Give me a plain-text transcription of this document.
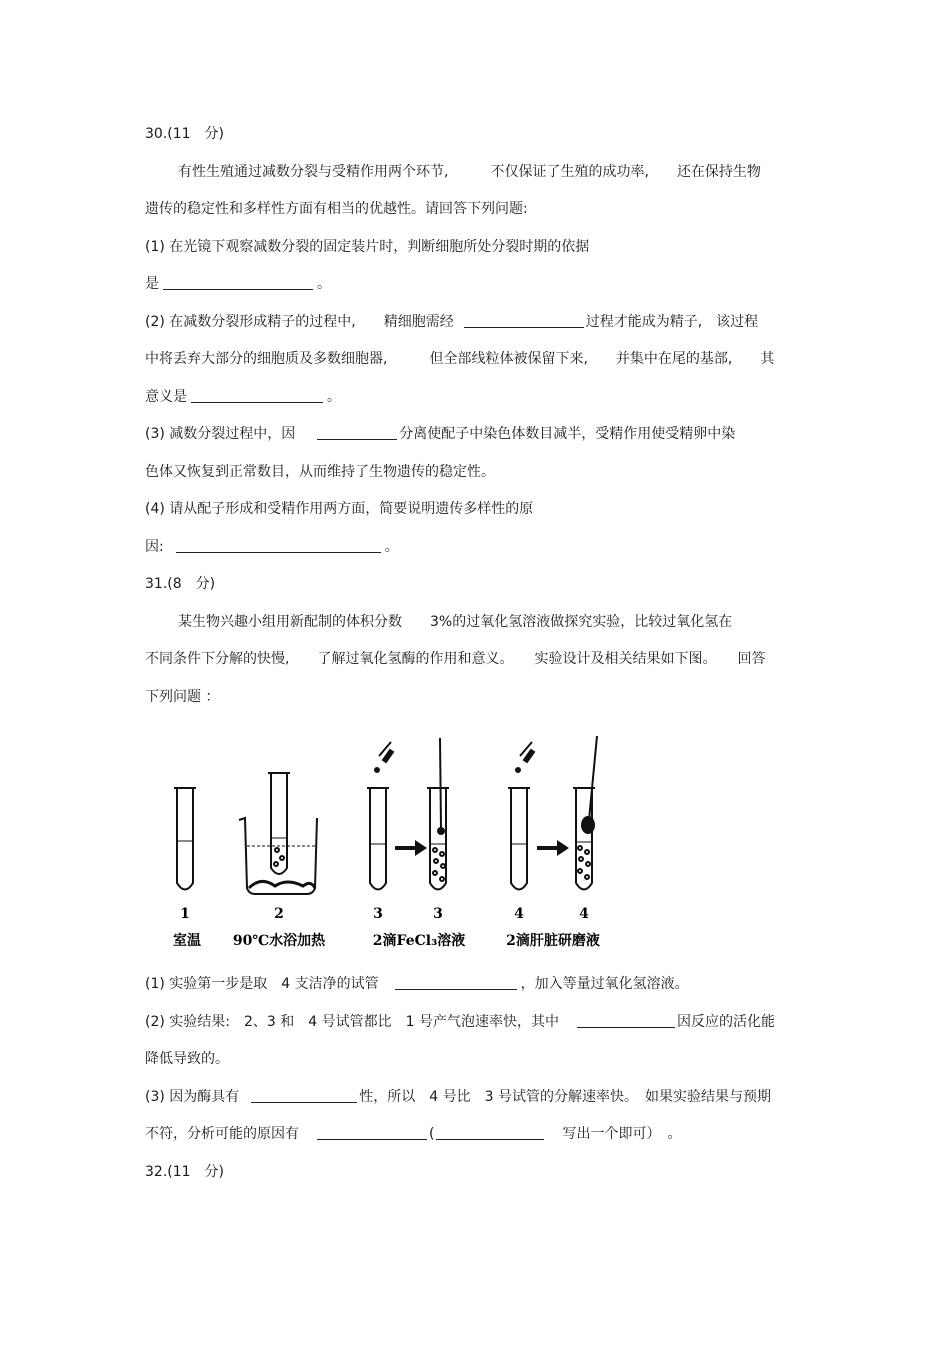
30.(11　分)
有性生殖通过减数分裂与受精作用两个环节,　　　不仅保证了生殖的成功率,　　还在保持生物
遗传的稳定性和多样性方面有相当的优越性。请回答下列问题:
(1) 在光镜下观察减数分裂的固定装片时，判断细胞所处分裂时期的依据
是	。
(2) 在减数分裂形成精子的过程中,　　精细胞需经	过程才能成为精子,　该过程
中将丢弃大部分的细胞质及多数细胞器,　　　但全部线粒体被保留下来,　　并集中在尾的基部,　　其
意义是	。
(3) 减数分裂过程中，因	分离使配子中染色体数目减半，受精作用使受精卵中染
色体又恢复到正常数目，从而维持了生物遗传的稳定性。
(4) 请从配子形成和受精作用两方面，简要说明遗传多样性的原
因:	。
31.(8　分)
某生物兴趣小组用新配制的体积分数　　3%的过氧化氢溶液做探究实验，比较过氧化氢在
不同条件下分解的快慢,　　了解过氧化氢酶的作用和意义。　　实验设计及相关结果如下图。　　回答
下列问题 ：
1	2	3	3	4	4
室温 90℃水浴加热	2滴FeCl₃溶液	2滴肝脏研磨液
(1) 实验第一步是取　4 支洁净的试管	，加入等量过氧化氢溶液。
(2) 实验结果:　2、3 和　4 号试管都比　1 号产气泡速率快，其中	因反应的活化能
降低导致的。
(3) 因为酶具有	性，所以　4 号比　3 号试管的分解速率快。　如果实验结果与预期
不符，分析可能的原因有	(	　写出一个即可）　。
32.(11　分)
